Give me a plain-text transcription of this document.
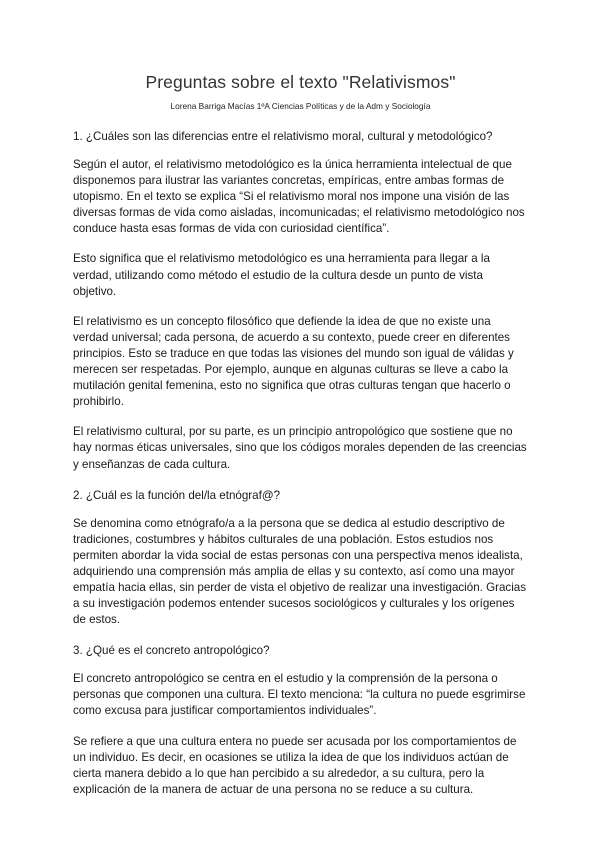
Preguntas sobre el texto "Relativismos"
Lorena Barriga Macías 1ºA Ciencias Políticas y de la Adm y Sociología

1. ¿Cuáles son las diferencias entre el relativismo moral, cultural y metodológico?

Según el autor, el relativismo metodológico es la única herramienta intelectual de que disponemos para ilustrar las variantes concretas, empíricas, entre ambas formas de utopismo. En el texto se explica “Si el relativismo moral nos impone una visión de las diversas formas de vida como aisladas, incomunicadas; el relativismo metodológico nos conduce hasta esas formas de vida con curiosidad científica”.

Esto significa que el relativismo metodológico es una herramienta para llegar a la verdad, utilizando como método el estudio de la cultura desde un punto de vista objetivo.

El relativismo es un concepto filosófico que defiende la idea de que no existe una verdad universal; cada persona, de acuerdo a su contexto, puede creer en diferentes principios. Esto se traduce en que todas las visiones del mundo son igual de válidas y merecen ser respetadas. Por ejemplo, aunque en algunas culturas se lleve a cabo la mutilación genital femenina, esto no significa que otras culturas tengan que hacerlo o prohibirlo.

El relativismo cultural, por su parte, es un principio antropológico que sostiene que no hay normas éticas universales, sino que los códigos morales dependen de las creencias y enseñanzas de cada cultura.

2. ¿Cuál es la función del/la etnógraf@?

Se denomina como etnógrafo/a a la persona que se dedica al estudio descriptivo de tradiciones, costumbres y hábitos culturales de una población. Estos estudios nos permiten abordar la vida social de estas personas con una perspectiva menos idealista, adquiriendo una comprensión más amplia de ellas y su contexto, así como una mayor empatía hacia ellas, sin perder de vista el objetivo de realizar una investigación. Gracias a su investigación podemos entender sucesos sociológicos y culturales y los orígenes de estos.

3. ¿Qué es el concreto antropológico?

El concreto antropológico se centra en el estudio y la comprensión de la persona o personas que componen una cultura. El texto menciona: “la cultura no puede esgrimirse como excusa para justificar comportamientos individuales”.

Se refiere a que una cultura entera no puede ser acusada por los comportamientos de un individuo. Es decir, en ocasiones se utiliza la idea de que los individuos actúan de cierta manera debido a lo que han percibido a su alrededor, a su cultura, pero la explicación de la manera de actuar de una persona no se reduce a su cultura.
